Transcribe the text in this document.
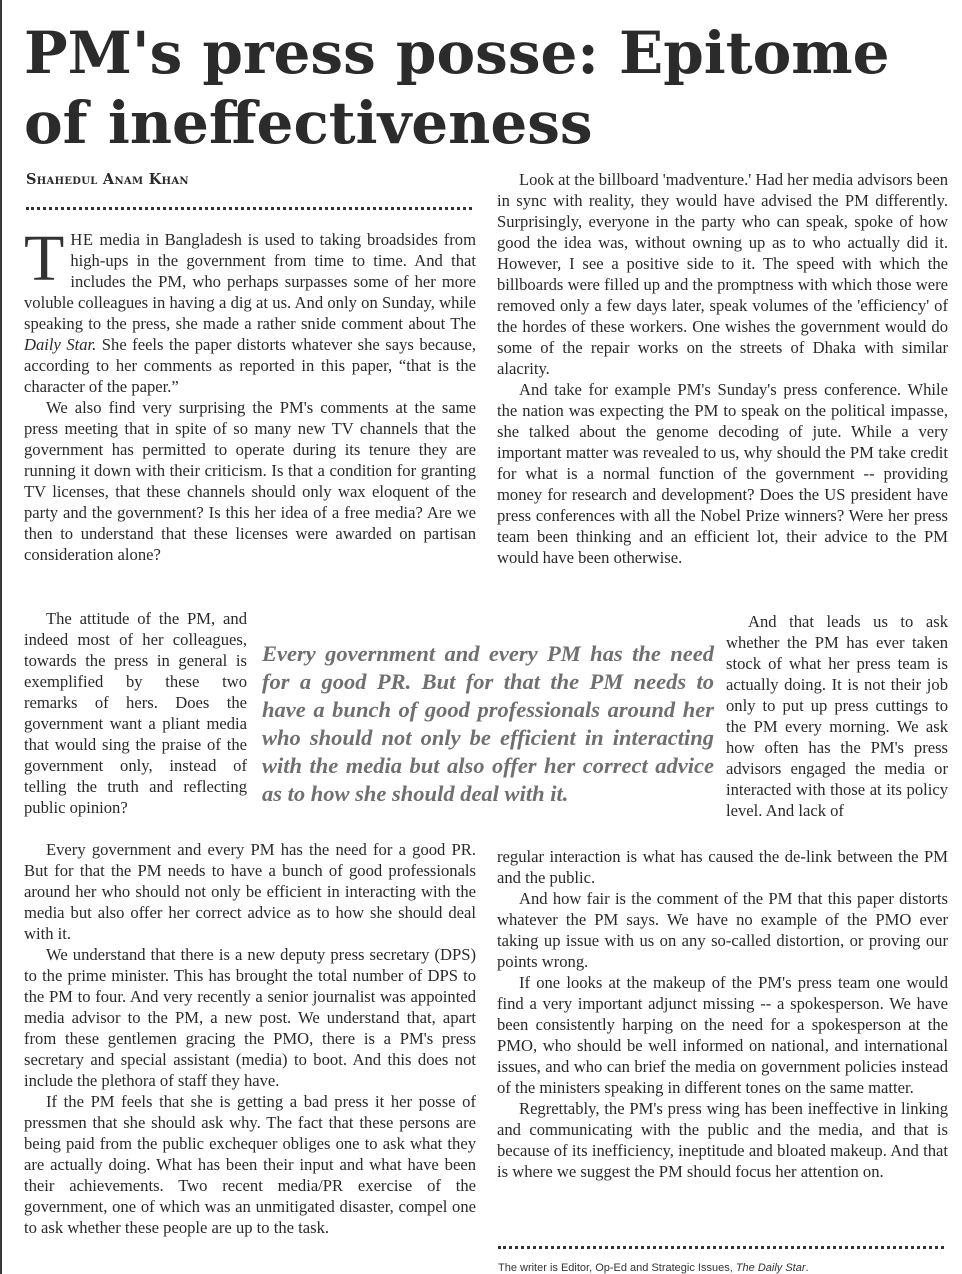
PM's press posse: Epitome of ineffectiveness
Shahedul Anam Khan

THE media in Bangladesh is used to taking broadsides from high-ups in the government from time to time. And that includes the PM, who perhaps surpasses some of her more voluble colleagues in having a dig at us. And only on Sunday, while speaking to the press, she made a rather snide comment about The Daily Star. She feels the paper distorts whatever she says because, according to her comments as reported in this paper, “that is the character of the paper.”

We also find very surprising the PM's comments at the same press meeting that in spite of so many new TV channels that the government has permitted to operate during its tenure they are running it down with their criticism. Is that a condition for granting TV licenses, that these channels should only wax eloquent of the party and the government? Is this her idea of a free media? Are we then to understand that these licenses were awarded on partisan consideration alone?

The attitude of the PM, and indeed most of her colleagues, towards the press in general is exemplified by these two remarks of hers. Does the government want a pliant media that would sing the praise of the government only, instead of telling the truth and reflecting public opinion?

Every government and every PM has the need for a good PR. But for that the PM needs to have a bunch of good professionals around her who should not only be efficient in interacting with the media but also offer her correct advice as to how she should deal with it.

Every government and every PM has the need for a good PR. But for that the PM needs to have a bunch of good professionals around her who should not only be efficient in interacting with the media but also offer her correct advice as to how she should deal with it.

We understand that there is a new deputy press secretary (DPS) to the prime minister. This has brought the total number of DPS to the PM to four. And very recently a senior journalist was appointed media advisor to the PM, a new post. We understand that, apart from these gentlemen gracing the PMO, there is a PM's press secretary and special assistant (media) to boot. And this does not include the plethora of staff they have.

If the PM feels that she is getting a bad press it her posse of pressmen that she should ask why. The fact that these persons are being paid from the public exchequer obliges one to ask what they are actually doing. What has been their input and what have been their achievements. Two recent media/PR exercise of the government, one of which was an unmitigated disaster, compel one to ask whether these people are up to the task.

Look at the billboard 'madventure.' Had her media advisors been in sync with reality, they would have advised the PM differently. Surprisingly, everyone in the party who can speak, spoke of how good the idea was, without owning up as to who actually did it. However, I see a positive side to it. The speed with which the billboards were filled up and the promptness with which those were removed only a few days later, speak volumes of the 'efficiency' of the hordes of these workers. One wishes the government would do some of the repair works on the streets of Dhaka with similar alacrity.

And take for example PM's Sunday's press conference. While the nation was expecting the PM to speak on the political impasse, she talked about the genome decoding of jute. While a very important matter was revealed to us, why should the PM take credit for what is a normal function of the government -- providing money for research and development? Does the US president have press conferences with all the Nobel Prize winners? Were her press team been thinking and an efficient lot, their advice to the PM would have been otherwise.

And that leads us to ask whether the PM has ever taken stock of what her press team is actually doing. It is not their job only to put up press cuttings to the PM every morning. We ask how often has the PM's press advisors engaged the media or interacted with those at its policy level. And lack of

regular interaction is what has caused the de-link between the PM and the public.

And how fair is the comment of the PM that this paper distorts whatever the PM says. We have no example of the PMO ever taking up issue with us on any so-called distortion, or proving our points wrong.

If one looks at the makeup of the PM's press team one would find a very important adjunct missing -- a spokesperson. We have been consistently harping on the need for a spokesperson at the PMO, who should be well informed on national, and international issues, and who can brief the media on government policies instead of the ministers speaking in different tones on the same matter.

Regrettably, the PM's press wing has been ineffective in linking and communicating with the public and the media, and that is because of its inefficiency, ineptitude and bloated makeup. And that is where we suggest the PM should focus her attention on.

The writer is Editor, Op-Ed and Strategic Issues, The Daily Star.
